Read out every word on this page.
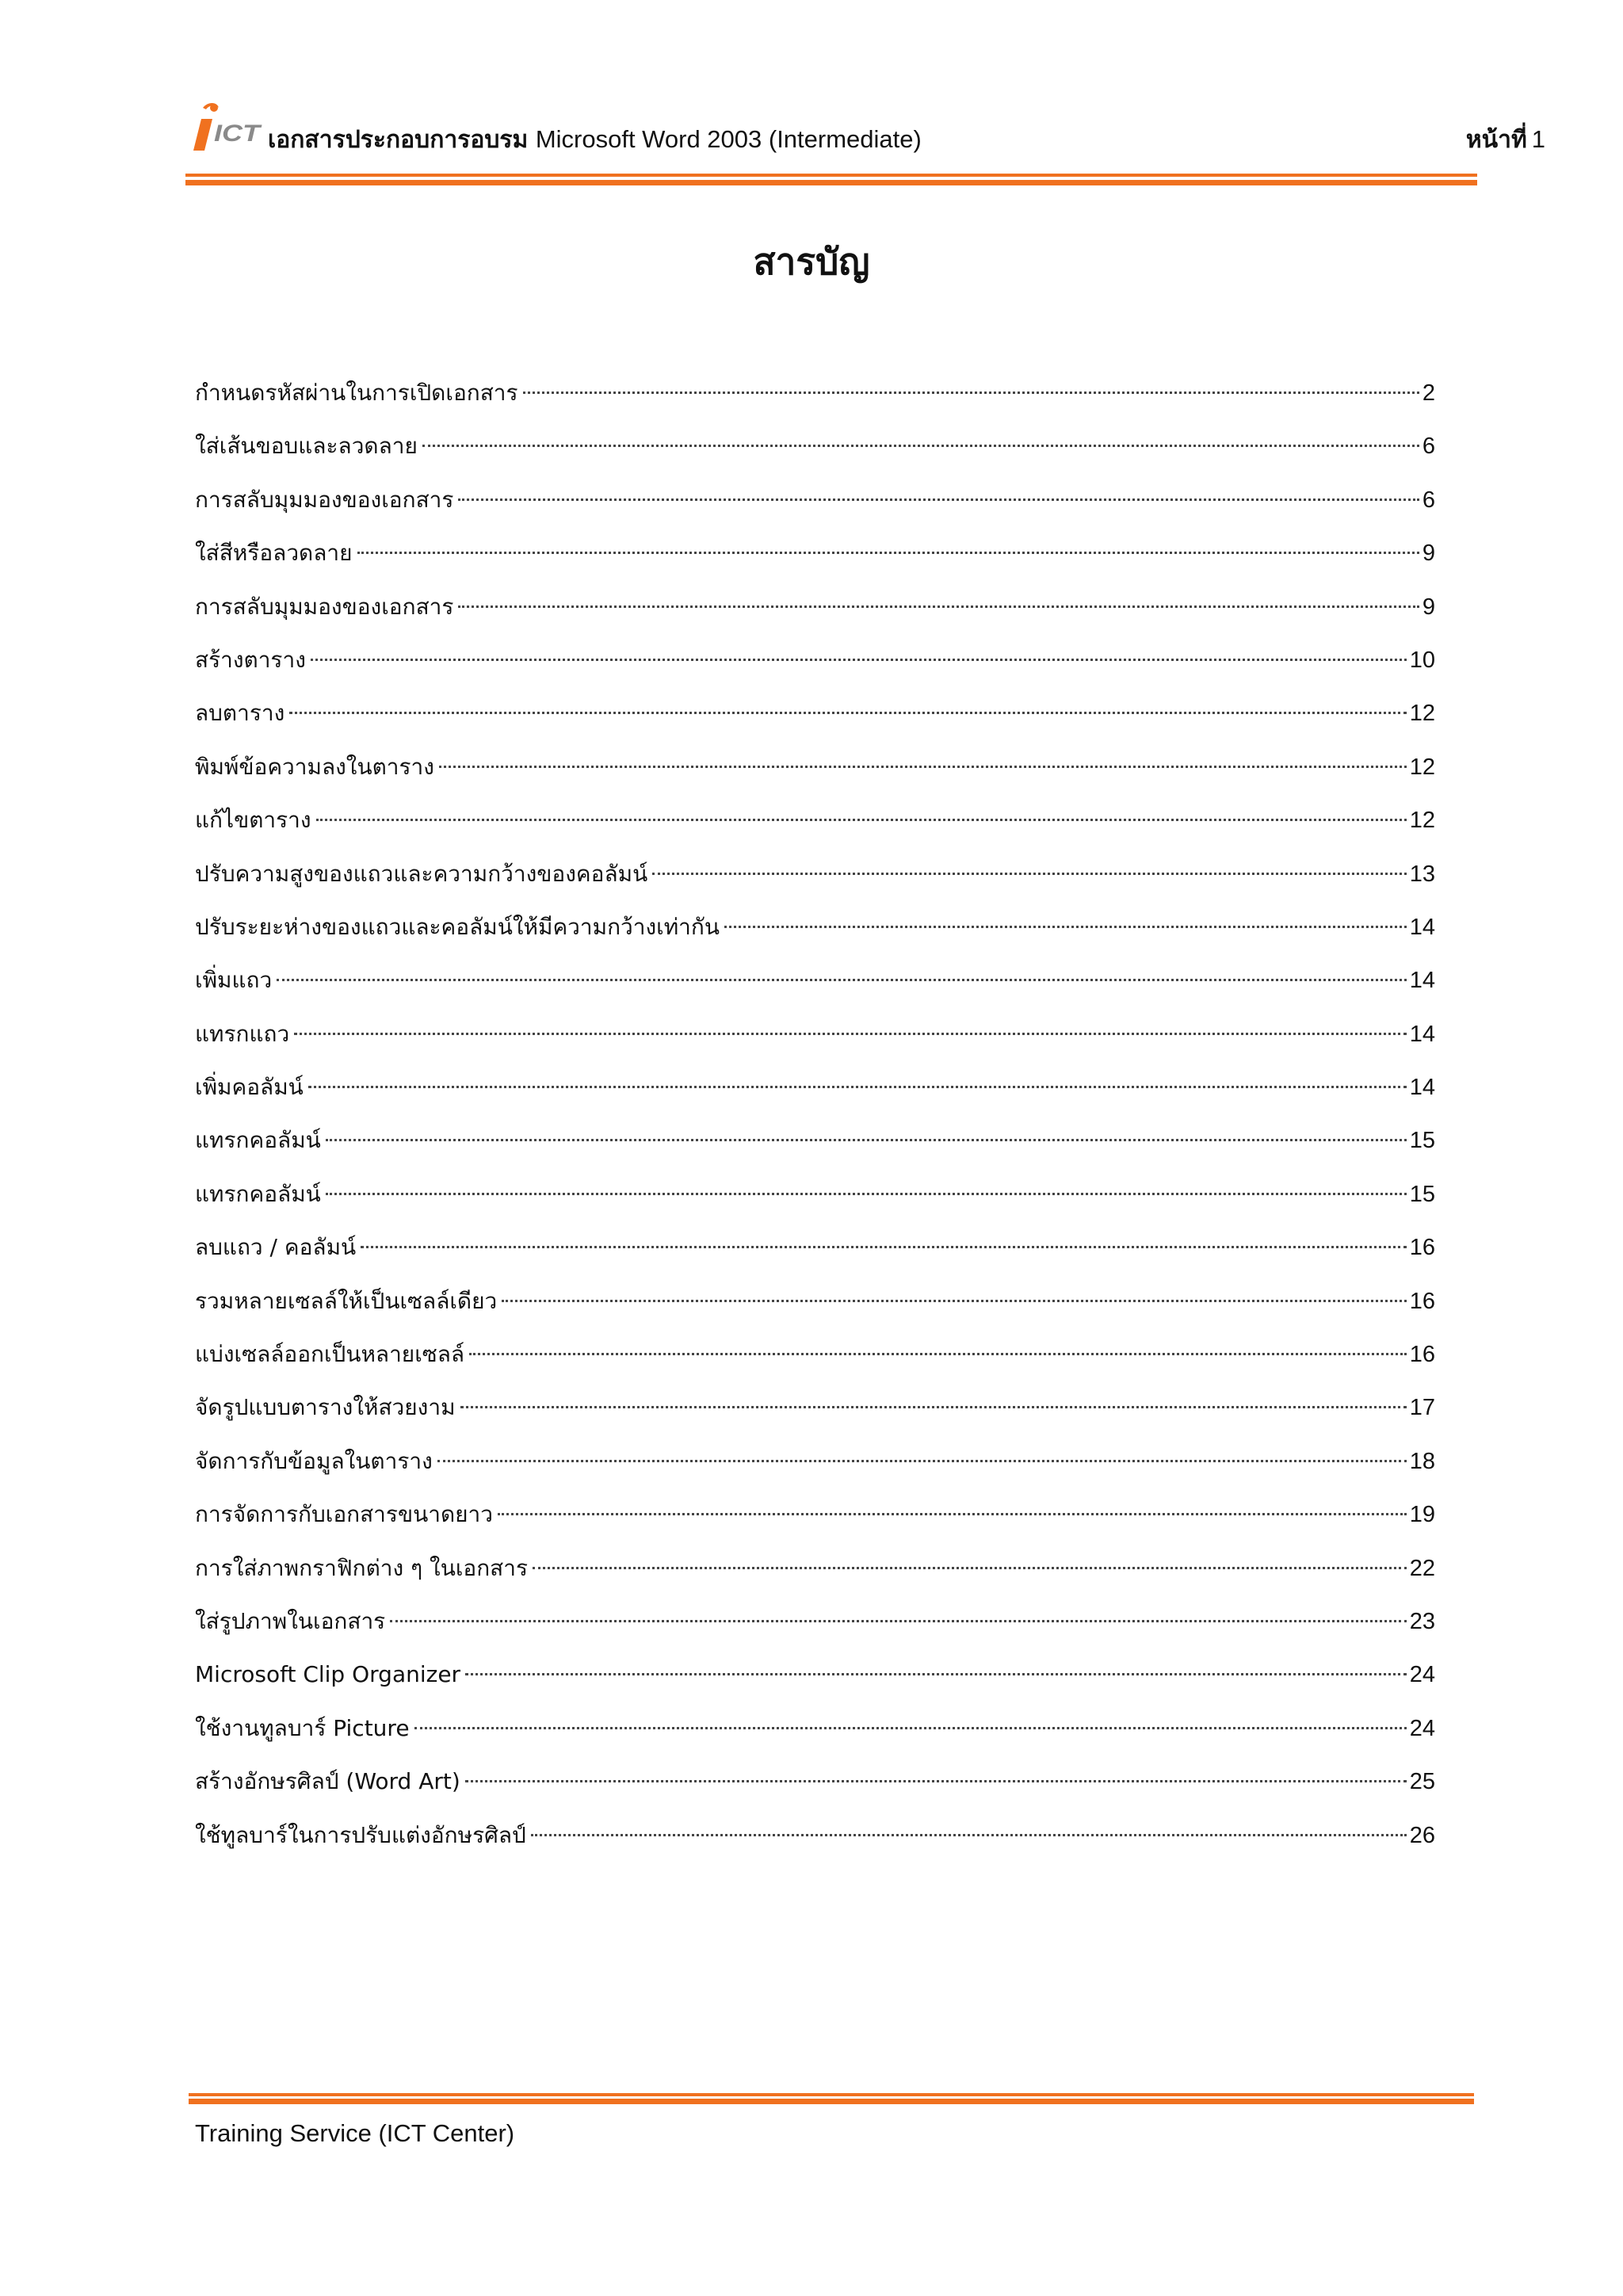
ICT เอกสารประกอบการอบรม Microsoft Word 2003 (Intermediate)	หน้าที่ 1
สารบัญ
กำหนดรหัสผ่านในการเปิดเอกสาร	2
ใส่เส้นขอบและลวดลาย	6
การสลับมุมมองของเอกสาร	6
ใส่สีหรือลวดลาย	9
การสลับมุมมองของเอกสาร	9
สร้างตาราง	10
ลบตาราง	12
พิมพ์ข้อความลงในตาราง	12
แก้ไขตาราง	12
ปรับความสูงของแถวและความกว้างของคอลัมน์	13
ปรับระยะห่างของแถวและคอลัมน์ให้มีความกว้างเท่ากัน	14
เพิ่มแถว	14
แทรกแถว	14
เพิ่มคอลัมน์	14
แทรกคอลัมน์	15
แทรกคอลัมน์	15
ลบแถว / คอลัมน์	16
รวมหลายเซลล์ให้เป็นเซลล์เดียว	16
แบ่งเซลล์ออกเป็นหลายเซลล์	16
จัดรูปแบบตารางให้สวยงาม	17
จัดการกับข้อมูลในตาราง	18
การจัดการกับเอกสารขนาดยาว	19
การใส่ภาพกราฟิกต่าง ๆ ในเอกสาร	22
ใส่รูปภาพในเอกสาร	23
Microsoft Clip Organizer	24
ใช้งานทูลบาร์ Picture	24
สร้างอักษรศิลป์ (Word Art)	25
ใช้ทูลบาร์ในการปรับแต่งอักษรศิลป์	26
Training Service (ICT Center)
